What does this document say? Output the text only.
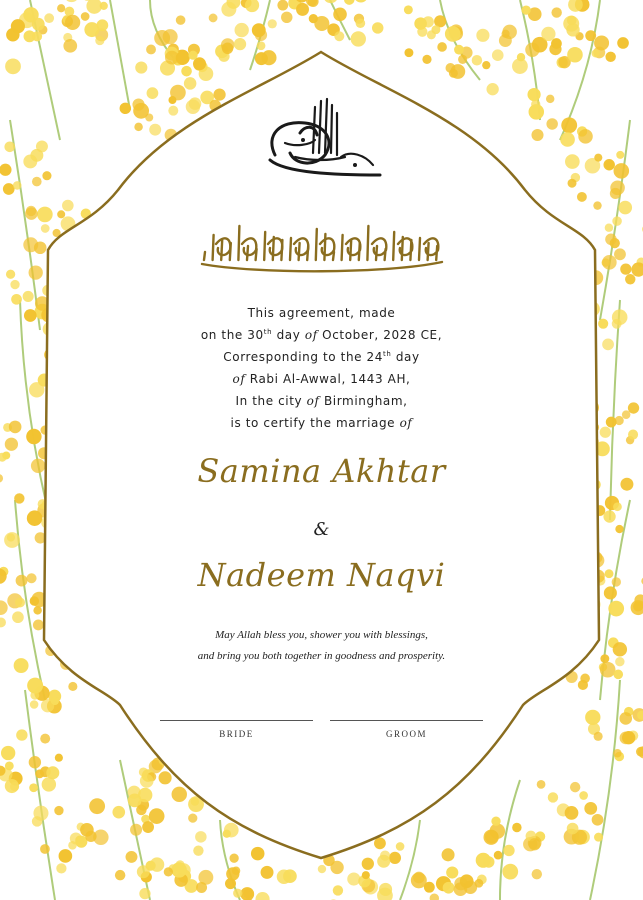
This agreement, made
on the 30th day of October, 2028 CE,
Corresponding to the 24th day
of Rabi Al-Awwal, 1443 AH,
In the city of Birmingham,
is to certify the marriage of
Samina Akhtar
&
Nadeem Naqvi
May Allah bless you, shower you with blessings,
and bring you both together in goodness and prosperity.
BRIDE	GROOM
